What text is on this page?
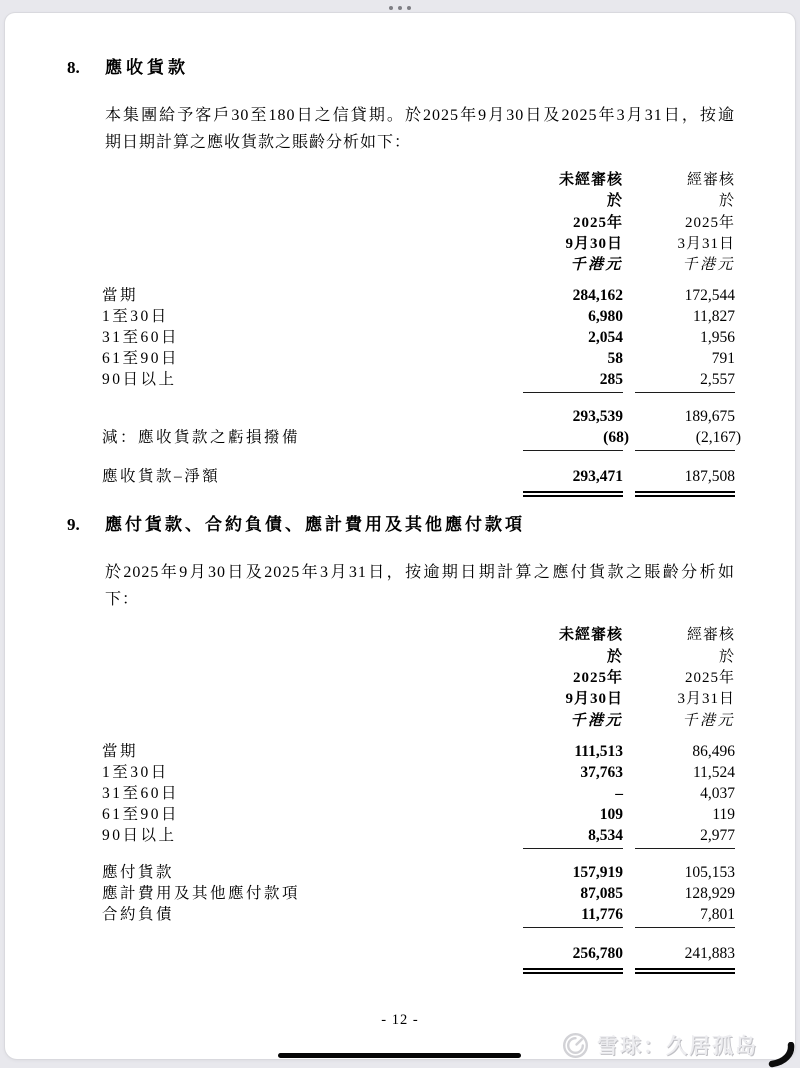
8.	應收貨款
本集團給予客戶30至180日之信貸期。於2025年9月30日及2025年3月31日，按逾
期日期計算之應收貨款之賬齡分析如下：
未經審核
於
2025年
9月30日
千港元
經審核
於
2025年
3月31日
千港元
當期	284,162	172,544
1至30日	6,980	11,827
31至60日	2,054	1,956
61至90日	58	791
90日以上	285	2,557
293,539	189,675
減：應收貨款之虧損撥備	(68)	(2,167)
應收貨款–淨額	293,471	187,508
9.	應付貨款、合約負債、應計費用及其他應付款項
於2025年9月30日及2025年3月31日，按逾期日期計算之應付貨款之賬齡分析如
下：
未經審核
於
2025年
9月30日
千港元
經審核
於
2025年
3月31日
千港元
當期	111,513	86,496
1至30日	37,763	11,524
31至60日	–	4,037
61至90日	109	119
90日以上	8,534	2,977
應付貨款	157,919	105,153
應計費用及其他應付款項	87,085	128,929
合約負債	11,776	7,801
256,780	241,883
- 12 -
雪球：久居孤岛
